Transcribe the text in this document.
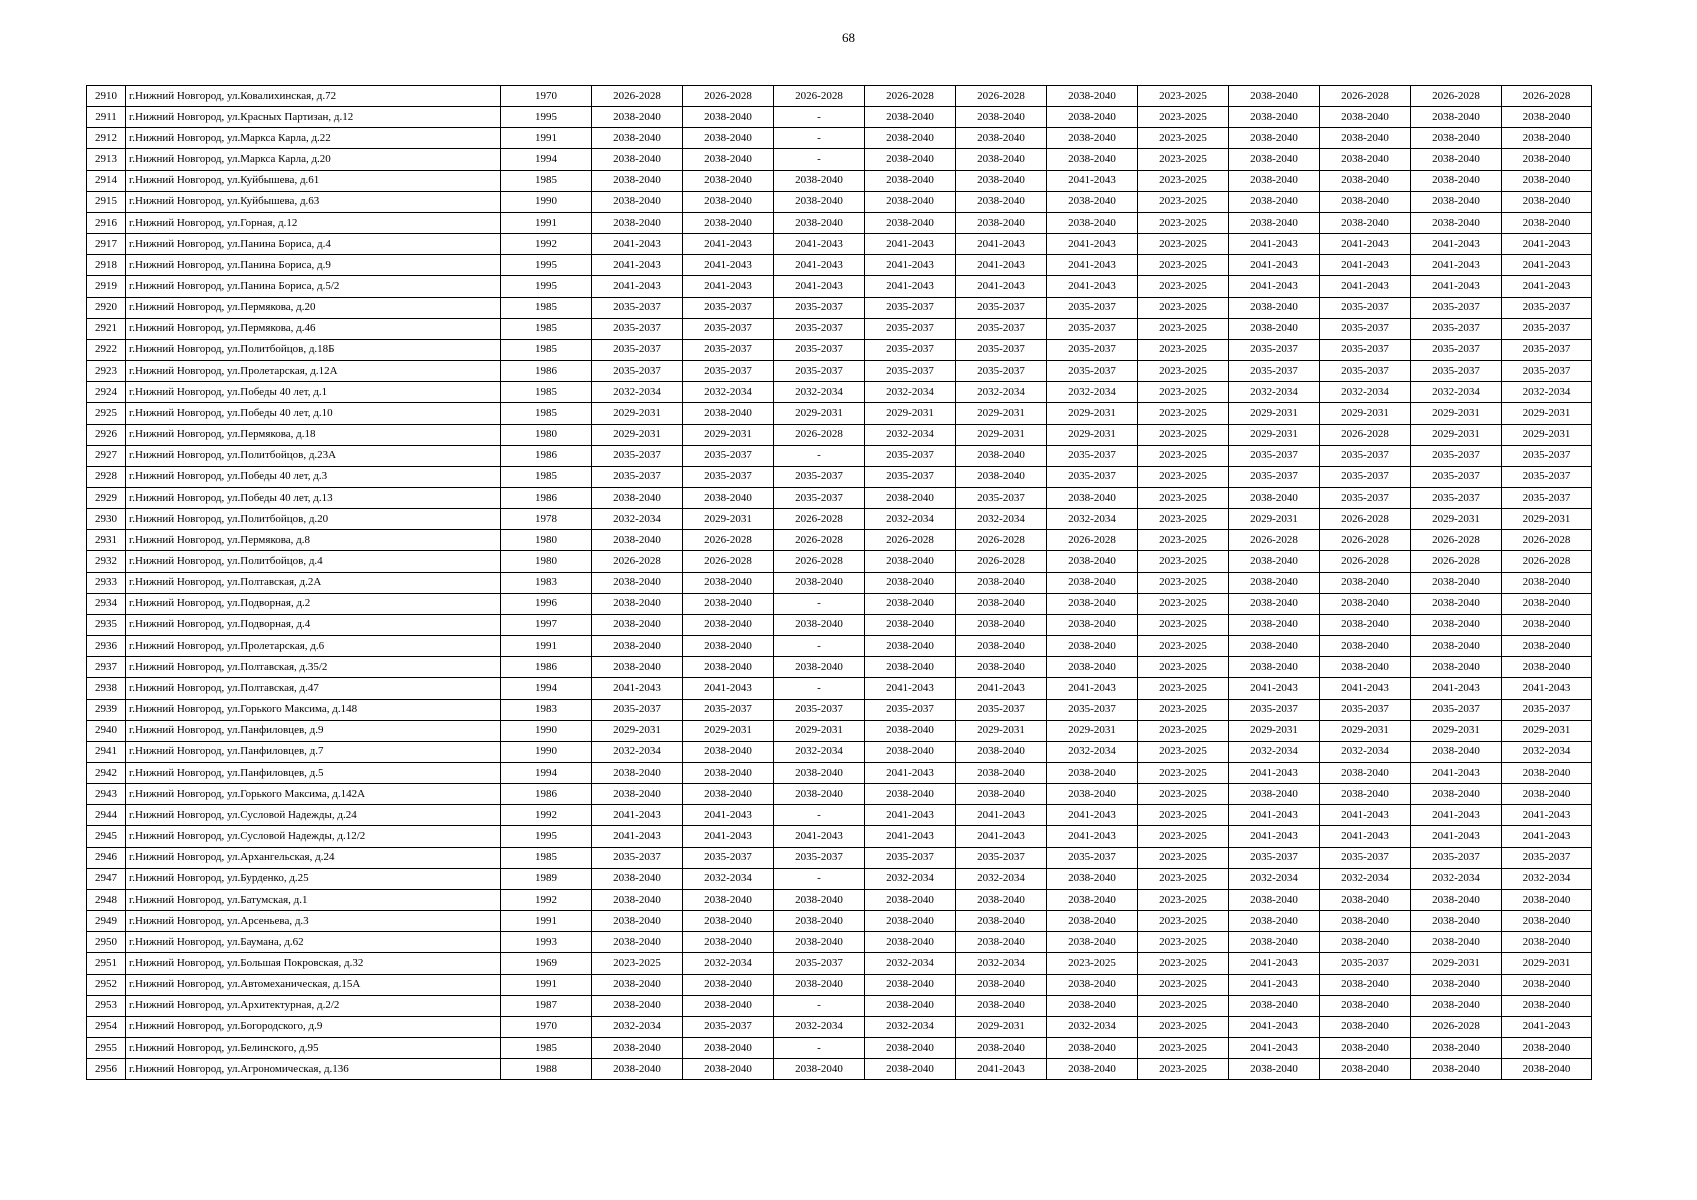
68
2910	г.Нижний Новгород, ул.Ковалихинская, д.72	1970	2026-2028	2026-2028	2026-2028	2026-2028	2026-2028	2038-2040	2023-2025	2038-2040	2026-2028	2026-2028	2026-2028
2911	г.Нижний Новгород, ул.Красных Партизан, д.12	1995	2038-2040	2038-2040	-	2038-2040	2038-2040	2038-2040	2023-2025	2038-2040	2038-2040	2038-2040	2038-2040
2912	г.Нижний Новгород, ул.Маркса Карла, д.22	1991	2038-2040	2038-2040	-	2038-2040	2038-2040	2038-2040	2023-2025	2038-2040	2038-2040	2038-2040	2038-2040
2913	г.Нижний Новгород, ул.Маркса Карла, д.20	1994	2038-2040	2038-2040	-	2038-2040	2038-2040	2038-2040	2023-2025	2038-2040	2038-2040	2038-2040	2038-2040
2914	г.Нижний Новгород, ул.Куйбышева, д.61	1985	2038-2040	2038-2040	2038-2040	2038-2040	2038-2040	2041-2043	2023-2025	2038-2040	2038-2040	2038-2040	2038-2040
2915	г.Нижний Новгород, ул.Куйбышева, д.63	1990	2038-2040	2038-2040	2038-2040	2038-2040	2038-2040	2038-2040	2023-2025	2038-2040	2038-2040	2038-2040	2038-2040
2916	г.Нижний Новгород, ул.Горная, д.12	1991	2038-2040	2038-2040	2038-2040	2038-2040	2038-2040	2038-2040	2023-2025	2038-2040	2038-2040	2038-2040	2038-2040
2917	г.Нижний Новгород, ул.Панина Бориса, д.4	1992	2041-2043	2041-2043	2041-2043	2041-2043	2041-2043	2041-2043	2023-2025	2041-2043	2041-2043	2041-2043	2041-2043
2918	г.Нижний Новгород, ул.Панина Бориса, д.9	1995	2041-2043	2041-2043	2041-2043	2041-2043	2041-2043	2041-2043	2023-2025	2041-2043	2041-2043	2041-2043	2041-2043
2919	г.Нижний Новгород, ул.Панина Бориса, д.5/2	1995	2041-2043	2041-2043	2041-2043	2041-2043	2041-2043	2041-2043	2023-2025	2041-2043	2041-2043	2041-2043	2041-2043
2920	г.Нижний Новгород, ул.Пермякова, д.20	1985	2035-2037	2035-2037	2035-2037	2035-2037	2035-2037	2035-2037	2023-2025	2038-2040	2035-2037	2035-2037	2035-2037
2921	г.Нижний Новгород, ул.Пермякова, д.46	1985	2035-2037	2035-2037	2035-2037	2035-2037	2035-2037	2035-2037	2023-2025	2038-2040	2035-2037	2035-2037	2035-2037
2922	г.Нижний Новгород, ул.Политбойцов, д.18Б	1985	2035-2037	2035-2037	2035-2037	2035-2037	2035-2037	2035-2037	2023-2025	2035-2037	2035-2037	2035-2037	2035-2037
2923	г.Нижний Новгород, ул.Пролетарская, д.12А	1986	2035-2037	2035-2037	2035-2037	2035-2037	2035-2037	2035-2037	2023-2025	2035-2037	2035-2037	2035-2037	2035-2037
2924	г.Нижний Новгород, ул.Победы 40 лет, д.1	1985	2032-2034	2032-2034	2032-2034	2032-2034	2032-2034	2032-2034	2023-2025	2032-2034	2032-2034	2032-2034	2032-2034
2925	г.Нижний Новгород, ул.Победы 40 лет, д.10	1985	2029-2031	2038-2040	2029-2031	2029-2031	2029-2031	2029-2031	2023-2025	2029-2031	2029-2031	2029-2031	2029-2031
2926	г.Нижний Новгород, ул.Пермякова, д.18	1980	2029-2031	2029-2031	2026-2028	2032-2034	2029-2031	2029-2031	2023-2025	2029-2031	2026-2028	2029-2031	2029-2031
2927	г.Нижний Новгород, ул.Политбойцов, д.23А	1986	2035-2037	2035-2037	-	2035-2037	2038-2040	2035-2037	2023-2025	2035-2037	2035-2037	2035-2037	2035-2037
2928	г.Нижний Новгород, ул.Победы 40 лет, д.3	1985	2035-2037	2035-2037	2035-2037	2035-2037	2038-2040	2035-2037	2023-2025	2035-2037	2035-2037	2035-2037	2035-2037
2929	г.Нижний Новгород, ул.Победы 40 лет, д.13	1986	2038-2040	2038-2040	2035-2037	2038-2040	2035-2037	2038-2040	2023-2025	2038-2040	2035-2037	2035-2037	2035-2037
2930	г.Нижний Новгород, ул.Политбойцов, д.20	1978	2032-2034	2029-2031	2026-2028	2032-2034	2032-2034	2032-2034	2023-2025	2029-2031	2026-2028	2029-2031	2029-2031
2931	г.Нижний Новгород, ул.Пермякова, д.8	1980	2038-2040	2026-2028	2026-2028	2026-2028	2026-2028	2026-2028	2023-2025	2026-2028	2026-2028	2026-2028	2026-2028
2932	г.Нижний Новгород, ул.Политбойцов, д.4	1980	2026-2028	2026-2028	2026-2028	2038-2040	2026-2028	2038-2040	2023-2025	2038-2040	2026-2028	2026-2028	2026-2028
2933	г.Нижний Новгород, ул.Полтавская, д.2А	1983	2038-2040	2038-2040	2038-2040	2038-2040	2038-2040	2038-2040	2023-2025	2038-2040	2038-2040	2038-2040	2038-2040
2934	г.Нижний Новгород, ул.Подворная, д.2	1996	2038-2040	2038-2040	-	2038-2040	2038-2040	2038-2040	2023-2025	2038-2040	2038-2040	2038-2040	2038-2040
2935	г.Нижний Новгород, ул.Подворная, д.4	1997	2038-2040	2038-2040	2038-2040	2038-2040	2038-2040	2038-2040	2023-2025	2038-2040	2038-2040	2038-2040	2038-2040
2936	г.Нижний Новгород, ул.Пролетарская, д.6	1991	2038-2040	2038-2040	-	2038-2040	2038-2040	2038-2040	2023-2025	2038-2040	2038-2040	2038-2040	2038-2040
2937	г.Нижний Новгород, ул.Полтавская, д.35/2	1986	2038-2040	2038-2040	2038-2040	2038-2040	2038-2040	2038-2040	2023-2025	2038-2040	2038-2040	2038-2040	2038-2040
2938	г.Нижний Новгород, ул.Полтавская, д.47	1994	2041-2043	2041-2043	-	2041-2043	2041-2043	2041-2043	2023-2025	2041-2043	2041-2043	2041-2043	2041-2043
2939	г.Нижний Новгород, ул.Горького Максима, д.148	1983	2035-2037	2035-2037	2035-2037	2035-2037	2035-2037	2035-2037	2023-2025	2035-2037	2035-2037	2035-2037	2035-2037
2940	г.Нижний Новгород, ул.Панфиловцев, д.9	1990	2029-2031	2029-2031	2029-2031	2038-2040	2029-2031	2029-2031	2023-2025	2029-2031	2029-2031	2029-2031	2029-2031
2941	г.Нижний Новгород, ул.Панфиловцев, д.7	1990	2032-2034	2038-2040	2032-2034	2038-2040	2038-2040	2032-2034	2023-2025	2032-2034	2032-2034	2038-2040	2032-2034
2942	г.Нижний Новгород, ул.Панфиловцев, д.5	1994	2038-2040	2038-2040	2038-2040	2041-2043	2038-2040	2038-2040	2023-2025	2041-2043	2038-2040	2041-2043	2038-2040
2943	г.Нижний Новгород, ул.Горького Максима, д.142А	1986	2038-2040	2038-2040	2038-2040	2038-2040	2038-2040	2038-2040	2023-2025	2038-2040	2038-2040	2038-2040	2038-2040
2944	г.Нижний Новгород, ул.Сусловой Надежды, д.24	1992	2041-2043	2041-2043	-	2041-2043	2041-2043	2041-2043	2023-2025	2041-2043	2041-2043	2041-2043	2041-2043
2945	г.Нижний Новгород, ул.Сусловой Надежды, д.12/2	1995	2041-2043	2041-2043	2041-2043	2041-2043	2041-2043	2041-2043	2023-2025	2041-2043	2041-2043	2041-2043	2041-2043
2946	г.Нижний Новгород, ул.Архангельская, д.24	1985	2035-2037	2035-2037	2035-2037	2035-2037	2035-2037	2035-2037	2023-2025	2035-2037	2035-2037	2035-2037	2035-2037
2947	г.Нижний Новгород, ул.Бурденко, д.25	1989	2038-2040	2032-2034	-	2032-2034	2032-2034	2038-2040	2023-2025	2032-2034	2032-2034	2032-2034	2032-2034
2948	г.Нижний Новгород, ул.Батумская, д.1	1992	2038-2040	2038-2040	2038-2040	2038-2040	2038-2040	2038-2040	2023-2025	2038-2040	2038-2040	2038-2040	2038-2040
2949	г.Нижний Новгород, ул.Арсеньева, д.3	1991	2038-2040	2038-2040	2038-2040	2038-2040	2038-2040	2038-2040	2023-2025	2038-2040	2038-2040	2038-2040	2038-2040
2950	г.Нижний Новгород, ул.Баумана, д.62	1993	2038-2040	2038-2040	2038-2040	2038-2040	2038-2040	2038-2040	2023-2025	2038-2040	2038-2040	2038-2040	2038-2040
2951	г.Нижний Новгород, ул.Большая Покровская, д.32	1969	2023-2025	2032-2034	2035-2037	2032-2034	2032-2034	2023-2025	2023-2025	2041-2043	2035-2037	2029-2031	2029-2031
2952	г.Нижний Новгород, ул.Автомеханическая, д.15А	1991	2038-2040	2038-2040	2038-2040	2038-2040	2038-2040	2038-2040	2023-2025	2041-2043	2038-2040	2038-2040	2038-2040
2953	г.Нижний Новгород, ул.Архитектурная, д.2/2	1987	2038-2040	2038-2040	-	2038-2040	2038-2040	2038-2040	2023-2025	2038-2040	2038-2040	2038-2040	2038-2040
2954	г.Нижний Новгород, ул.Богородского, д.9	1970	2032-2034	2035-2037	2032-2034	2032-2034	2029-2031	2032-2034	2023-2025	2041-2043	2038-2040	2026-2028	2041-2043
2955	г.Нижний Новгород, ул.Белинского, д.95	1985	2038-2040	2038-2040	-	2038-2040	2038-2040	2038-2040	2023-2025	2041-2043	2038-2040	2038-2040	2038-2040
2956	г.Нижний Новгород, ул.Агрономическая, д.136	1988	2038-2040	2038-2040	2038-2040	2038-2040	2041-2043	2038-2040	2023-2025	2038-2040	2038-2040	2038-2040	2038-2040
